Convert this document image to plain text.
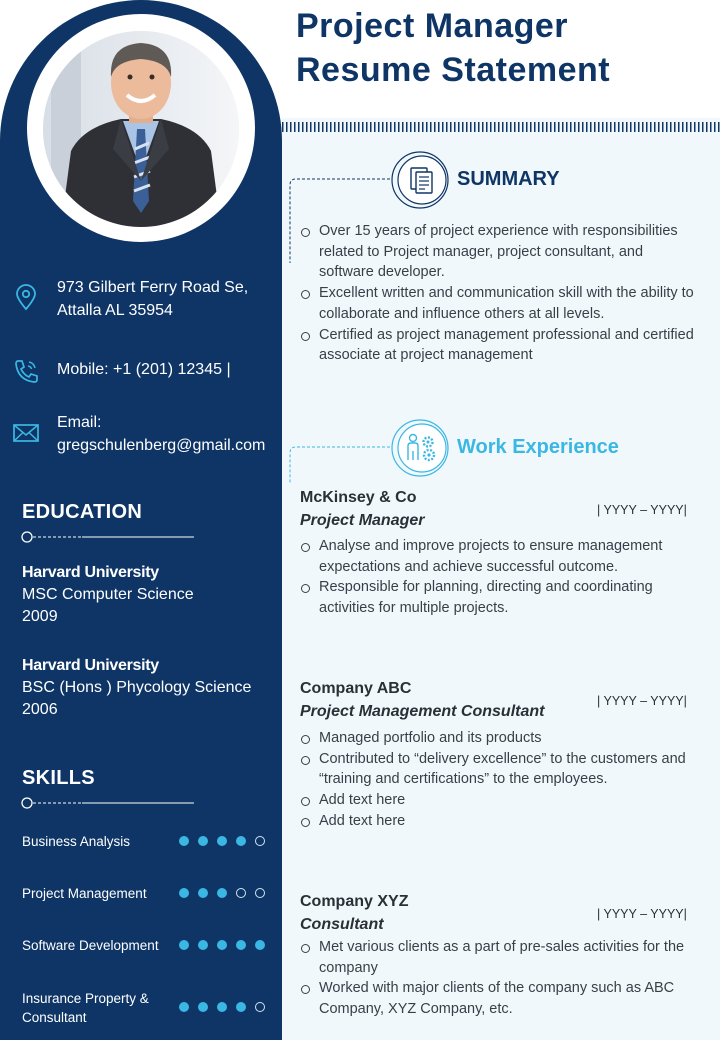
973 Gilbert Ferry Road Se,
Attalla AL 35954
Mobile: +1 (201) 12345 |
Email:
gregschulenberg@gmail.com
EDUCATION
Harvard University
MSC Computer Science
2009
Harvard University
BSC (Hons ) Phycology Science
2006
SKILLS
Business Analysis
Project Management
Software Development
Insurance Property & Consultant
Project Manager
Resume Statement
SUMMARY
Over 15 years of project experience with responsibilities related to Project manager, project consultant, and software developer.
Excellent written and communication skill with the ability to collaborate and influence others at all levels.
Certified as project management professional and certified associate at project management
Work Experience
McKinsey & Co
Project Manager
| YYYY – YYYY|
Analyse and improve projects to ensure management expectations and achieve successful outcome.
Responsible for planning, directing and coordinating activities for multiple projects.
Company ABC
Project Management Consultant
| YYYY – YYYY|
Managed portfolio and its products
Contributed to “delivery excellence” to the customers and “training and certifications” to the employees.
Add text here
Add text here
Company XYZ
Consultant
| YYYY – YYYY|
Met various clients as a part of pre-sales activities for the company
Worked with major clients of the company such as ABC Company, XYZ Company, etc.
